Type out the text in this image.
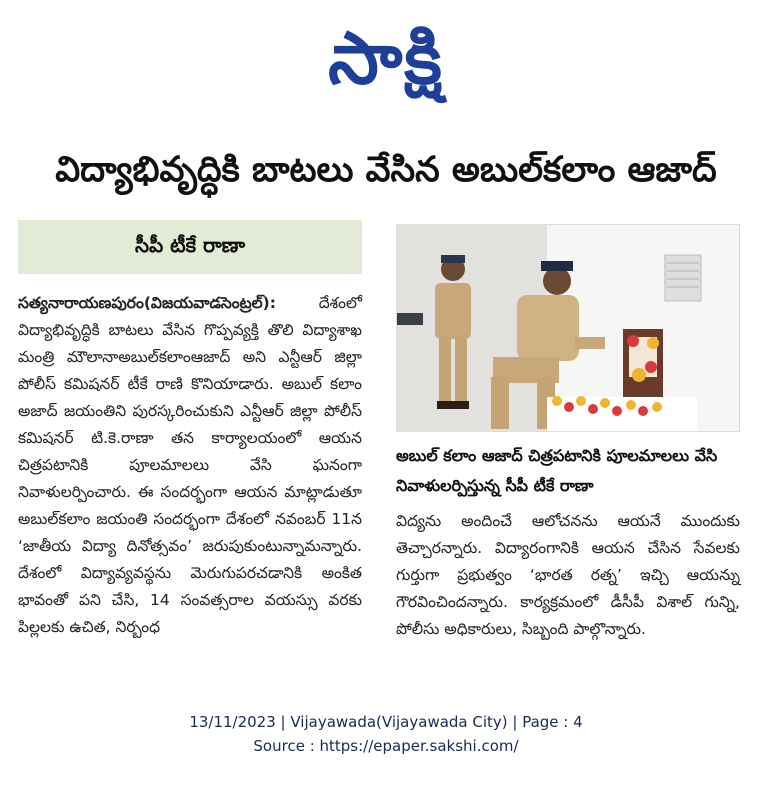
సాక్షి
విద్యాభివృద్ధికి బాటలు వేసిన అబుల్‌కలాం ఆజాద్‌
సీపీ టీకే రాణా
సత్యనారాయణపురం(విజయవాడసెంట్రల్‌):	దేశంలో విద్యాభివృద్ధికి బాటలు వేసిన గొప్పవ్యక్తి తొలి విద్యాశాఖ మంత్రి మౌలానాఅబుల్‌కలాంఆజాద్‌ అని ఎన్టీఆర్‌ జిల్లా పోలీస్‌ కమిషనర్‌ టీకే రాణి కొనియాడారు. అబుల్‌ కలాం అజాద్‌ జయంతిని పురస్కరించుకుని ఎన్టీఆర్‌ జిల్లా పోలీస్‌ కమిషనర్‌ టి.కె.రాణా తన కార్యాలయంలో ఆయన చిత్రపటానికి పూలమాలలు వేసి ఘనంగా నివాళులర్పించారు. ఈ సందర్భంగా ఆయన మాట్లాడుతూ అబుల్‌కలాం జయంతి సందర్భంగా దేశంలో నవంబర్‌ 11న ‘జాతీయ విద్యా దినోత్సవం’ జరుపుకుంటున్నామన్నారు. దేశంలో విద్యావ్యవస్థను మెరుగుపరచడానికి అంకిత భావంతో పని చేసి, 14 సంవత్సరాల వయస్సు వరకు పిల్లలకు ఉచిత, నిర్బంధ
అబుల్‌ కలాం ఆజాద్‌ చిత్రపటానికి పూలమాలలు వేసి నివాళులర్పిస్తున్న సీపీ టీకే రాణా
విద్యను అందించే ఆలోచనను ఆయనే ముందుకు తెచ్చారన్నారు. విద్యారంగానికి ఆయన చేసిన సేవలకు గుర్తుగా ప్రభుత్వం ‘భారత రత్న’ ఇచ్చి ఆయన్ను గౌరవించిందన్నారు. కార్యక్రమంలో డీసీపీ విశాల్‌ గున్ని, పోలీసు అధికారులు, సిబ్బంది పాల్గొన్నారు.
13/11/2023 | Vijayawada(Vijayawada City) | Page : 4
Source : https://epaper.sakshi.com/
